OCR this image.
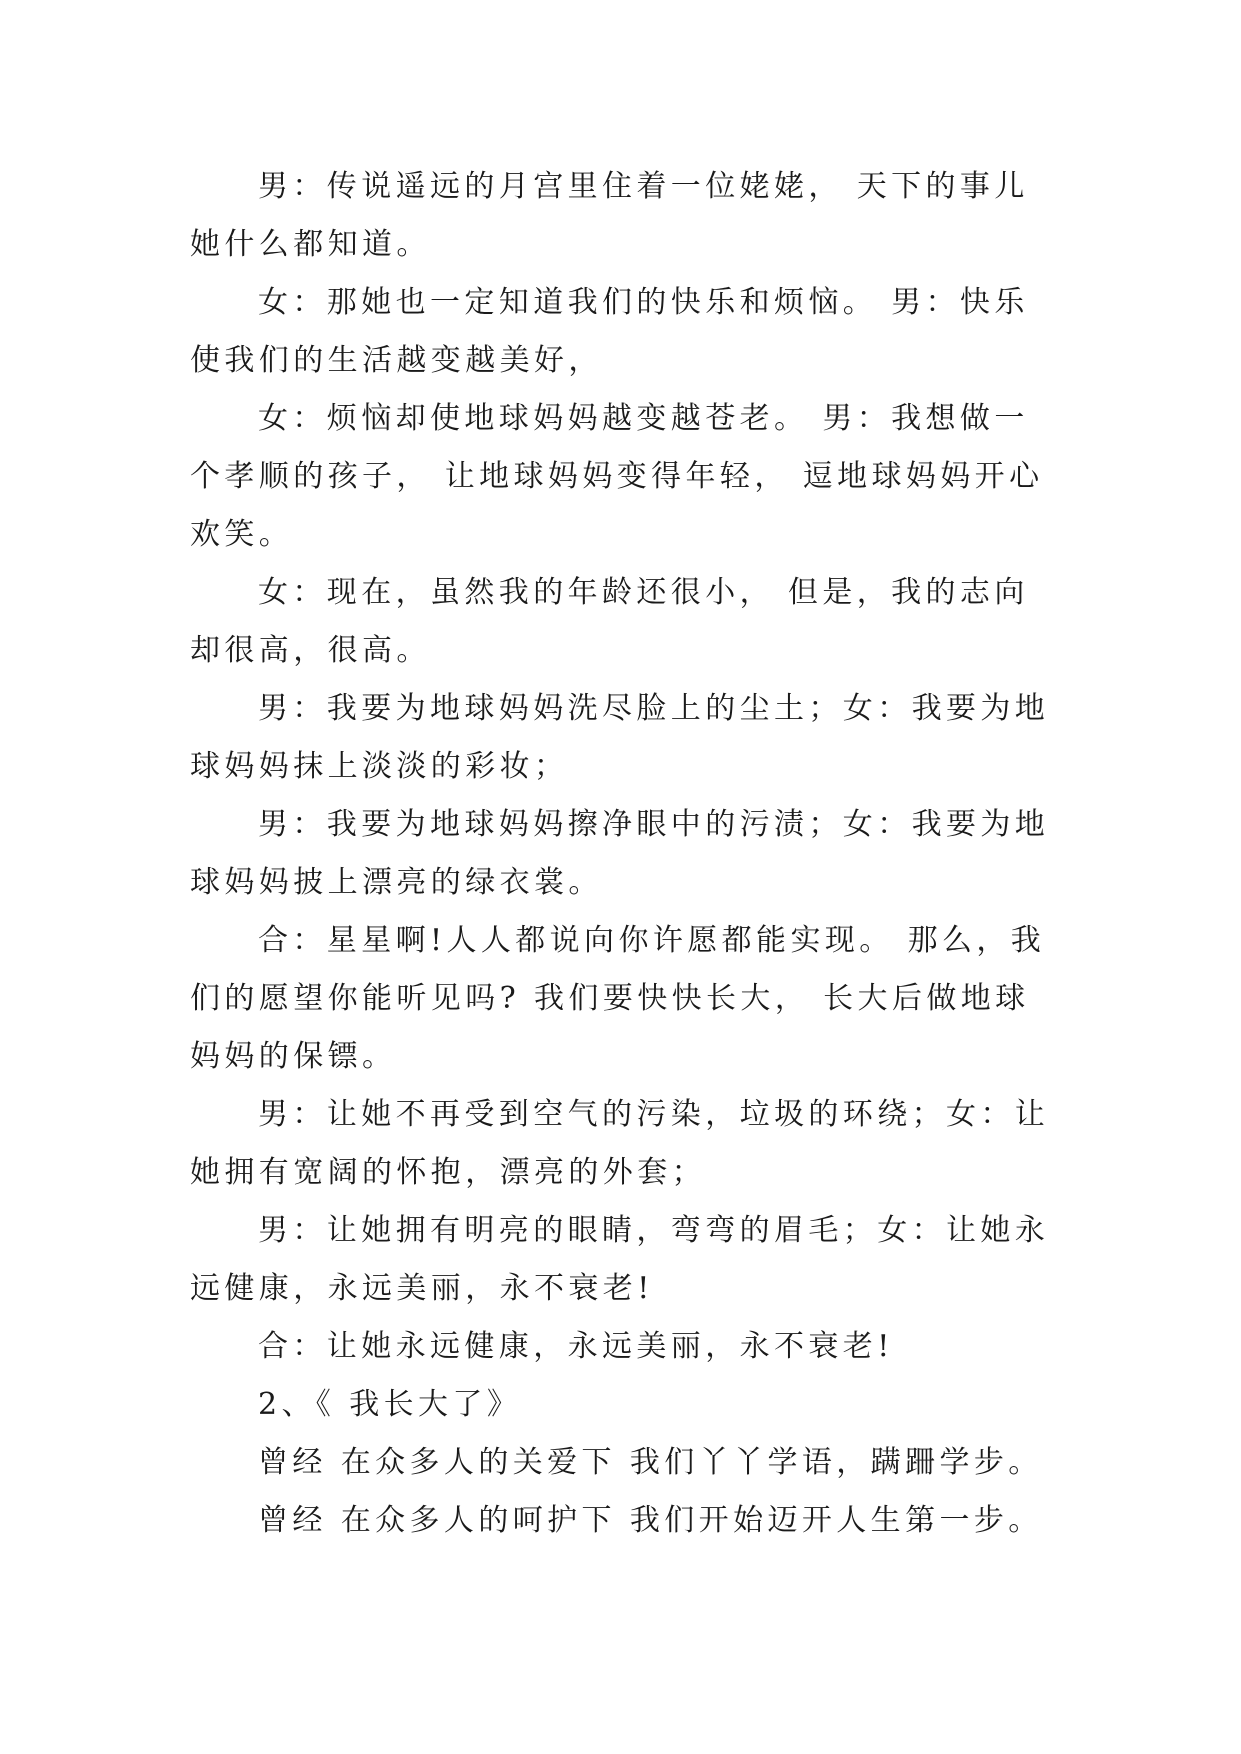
男：传说遥远的月宫里住着一位姥姥， 天下的事儿她什么都知道。

女：那她也一定知道我们的快乐和烦恼。 男：快乐使我们的生活越变越美好，

女：烦恼却使地球妈妈越变越苍老。 男：我想做一个孝顺的孩子， 让地球妈妈变得年轻， 逗地球妈妈开心欢笑。

女：现在，虽然我的年龄还很小， 但是，我的志向却很高，很高。

男：我要为地球妈妈洗尽脸上的尘土；女：我要为地球妈妈抹上淡淡的彩妆；

男：我要为地球妈妈擦净眼中的污渍；女：我要为地球妈妈披上漂亮的绿衣裳。

合：星星啊!人人都说向你许愿都能实现。 那么，我们的愿望你能听见吗? 我们要快快长大， 长大后做地球妈妈的保镖。

男：让她不再受到空气的污染，垃圾的环绕；女：让她拥有宽阔的怀抱，漂亮的外套；

男：让她拥有明亮的眼睛，弯弯的眉毛；女：让她永远健康，永远美丽，永不衰老!

合：让她永远健康，永远美丽，永不衰老!

2、《 我长大了》

曾经 在众多人的关爱下 我们丫丫学语，蹒跚学步。

曾经 在众多人的呵护下 我们开始迈开人生第一步。
